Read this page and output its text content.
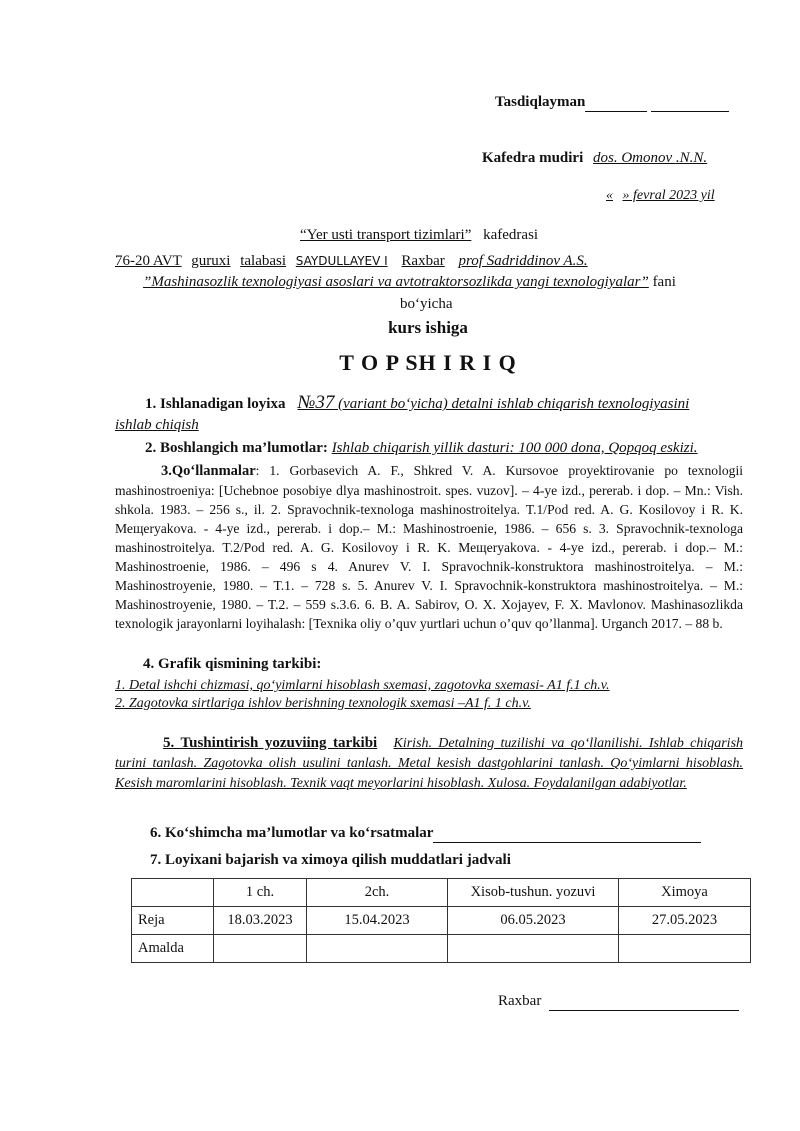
Tasdiqlayman
Kafedra mudiri dos. Omonov .N.N.
« » fevral 2023 yil
“Yer usti transport tizimlari” kafedrasi
76-20 AVT guruxi talabasi SAYDULLAYEV I Raxbar prof Sadriddinov A.S.
”Mashinasozlik texnologiyasi asoslari va avtotraktorsozlikda yangi texnologiyalar” fani
bo‘yicha
kurs ishiga
T O P SH I R I Q
1. Ishlanadigan loyixa №37 (variant bo‘yicha) detalni ishlab chiqarish texnologiyasini
ishlab chiqish
2. Boshlangich ma’lumotlar: Ishlab chiqarish yillik dasturi: 100 000 dona, Qopqoq eskizi.

3.Qo‘llanmalar: 1. Gorbasevich A. F., Shkred V. A. Kursovoe proyektirovanie po texnologii mashinostroeniya: [Uchebnoe posobiye dlya mashinostroit. spes. vuzov]. – 4-ye izd., pererab. i dop. – Mn.: Vish. shkola. 1983. – 256 s., il. 2. Spravochnik-texnologa mashinostroitelya. T.1/Pod red. A. G. Kosilovoy i R. K. Мещеryakova. - 4-ye izd., pererab. i dop.– M.: Mashinostroenie, 1986. – 656 s. 3. Spravochnik-texnologa mashinostroitelya. T.2/Pod red. A. G. Kosilovoy i R. K. Мещеryakova. - 4-ye izd., pererab. i dop.– M.: Mashinostroenie, 1986. – 496 s 4. Anurev V. I. Spravochnik-konstruktora mashinostroitelya. – M.: Mashinostroyenie, 1980. – T.1. – 728 s. 5. Anurev V. I. Spravochnik-konstruktora mashinostroitelya. – M.: Mashinostroyenie, 1980. – T.2. – 559 s.3.6. 6. B. A. Sabirov, O. X. Xojayev, F. X. Mavlonov. Mashinasozlikda texnologik jarayonlarni loyihalash: [Texnika oliy o’quv yurtlari uchun o’quv qo’llanma]. Urganch 2017. – 88 b.

4. Grafik qismining tarkibi:
1. Detal ishchi chizmasi, qo‘yimlarni hisoblash sxemasi, zagotovka sxemasi- A1 f.1 ch.v.
2. Zagotovka sirtlariga ishlov berishning texnologik sxemasi –A1 f. 1 ch.v.
5. Tushintirish yozuviing tarkibi Kirish. Detalning tuzilishi va qo‘llanilishi. Ishlab chiqarish turini tanlash. Zagotovka olish usulini tanlash. Metal kesish dastgohlarini tanlash. Qo‘yimlarni hisoblash. Kesish maromlarini hisoblash. Texnik vaqt meyorlarini hisoblash. Xulosa. Foydalanilgan adabiyotlar.
6. Ko‘shimcha ma’lumotlar va ko‘rsatmalar
7. Loyixani bajarish va ximoya qilish muddatlari jadvali
	1 ch.	2ch.	Xisob-tushun. yozuvi	Ximoya
Reja	18.03.2023	15.04.2023	06.05.2023	27.05.2023
Amalda				
Raxbar
